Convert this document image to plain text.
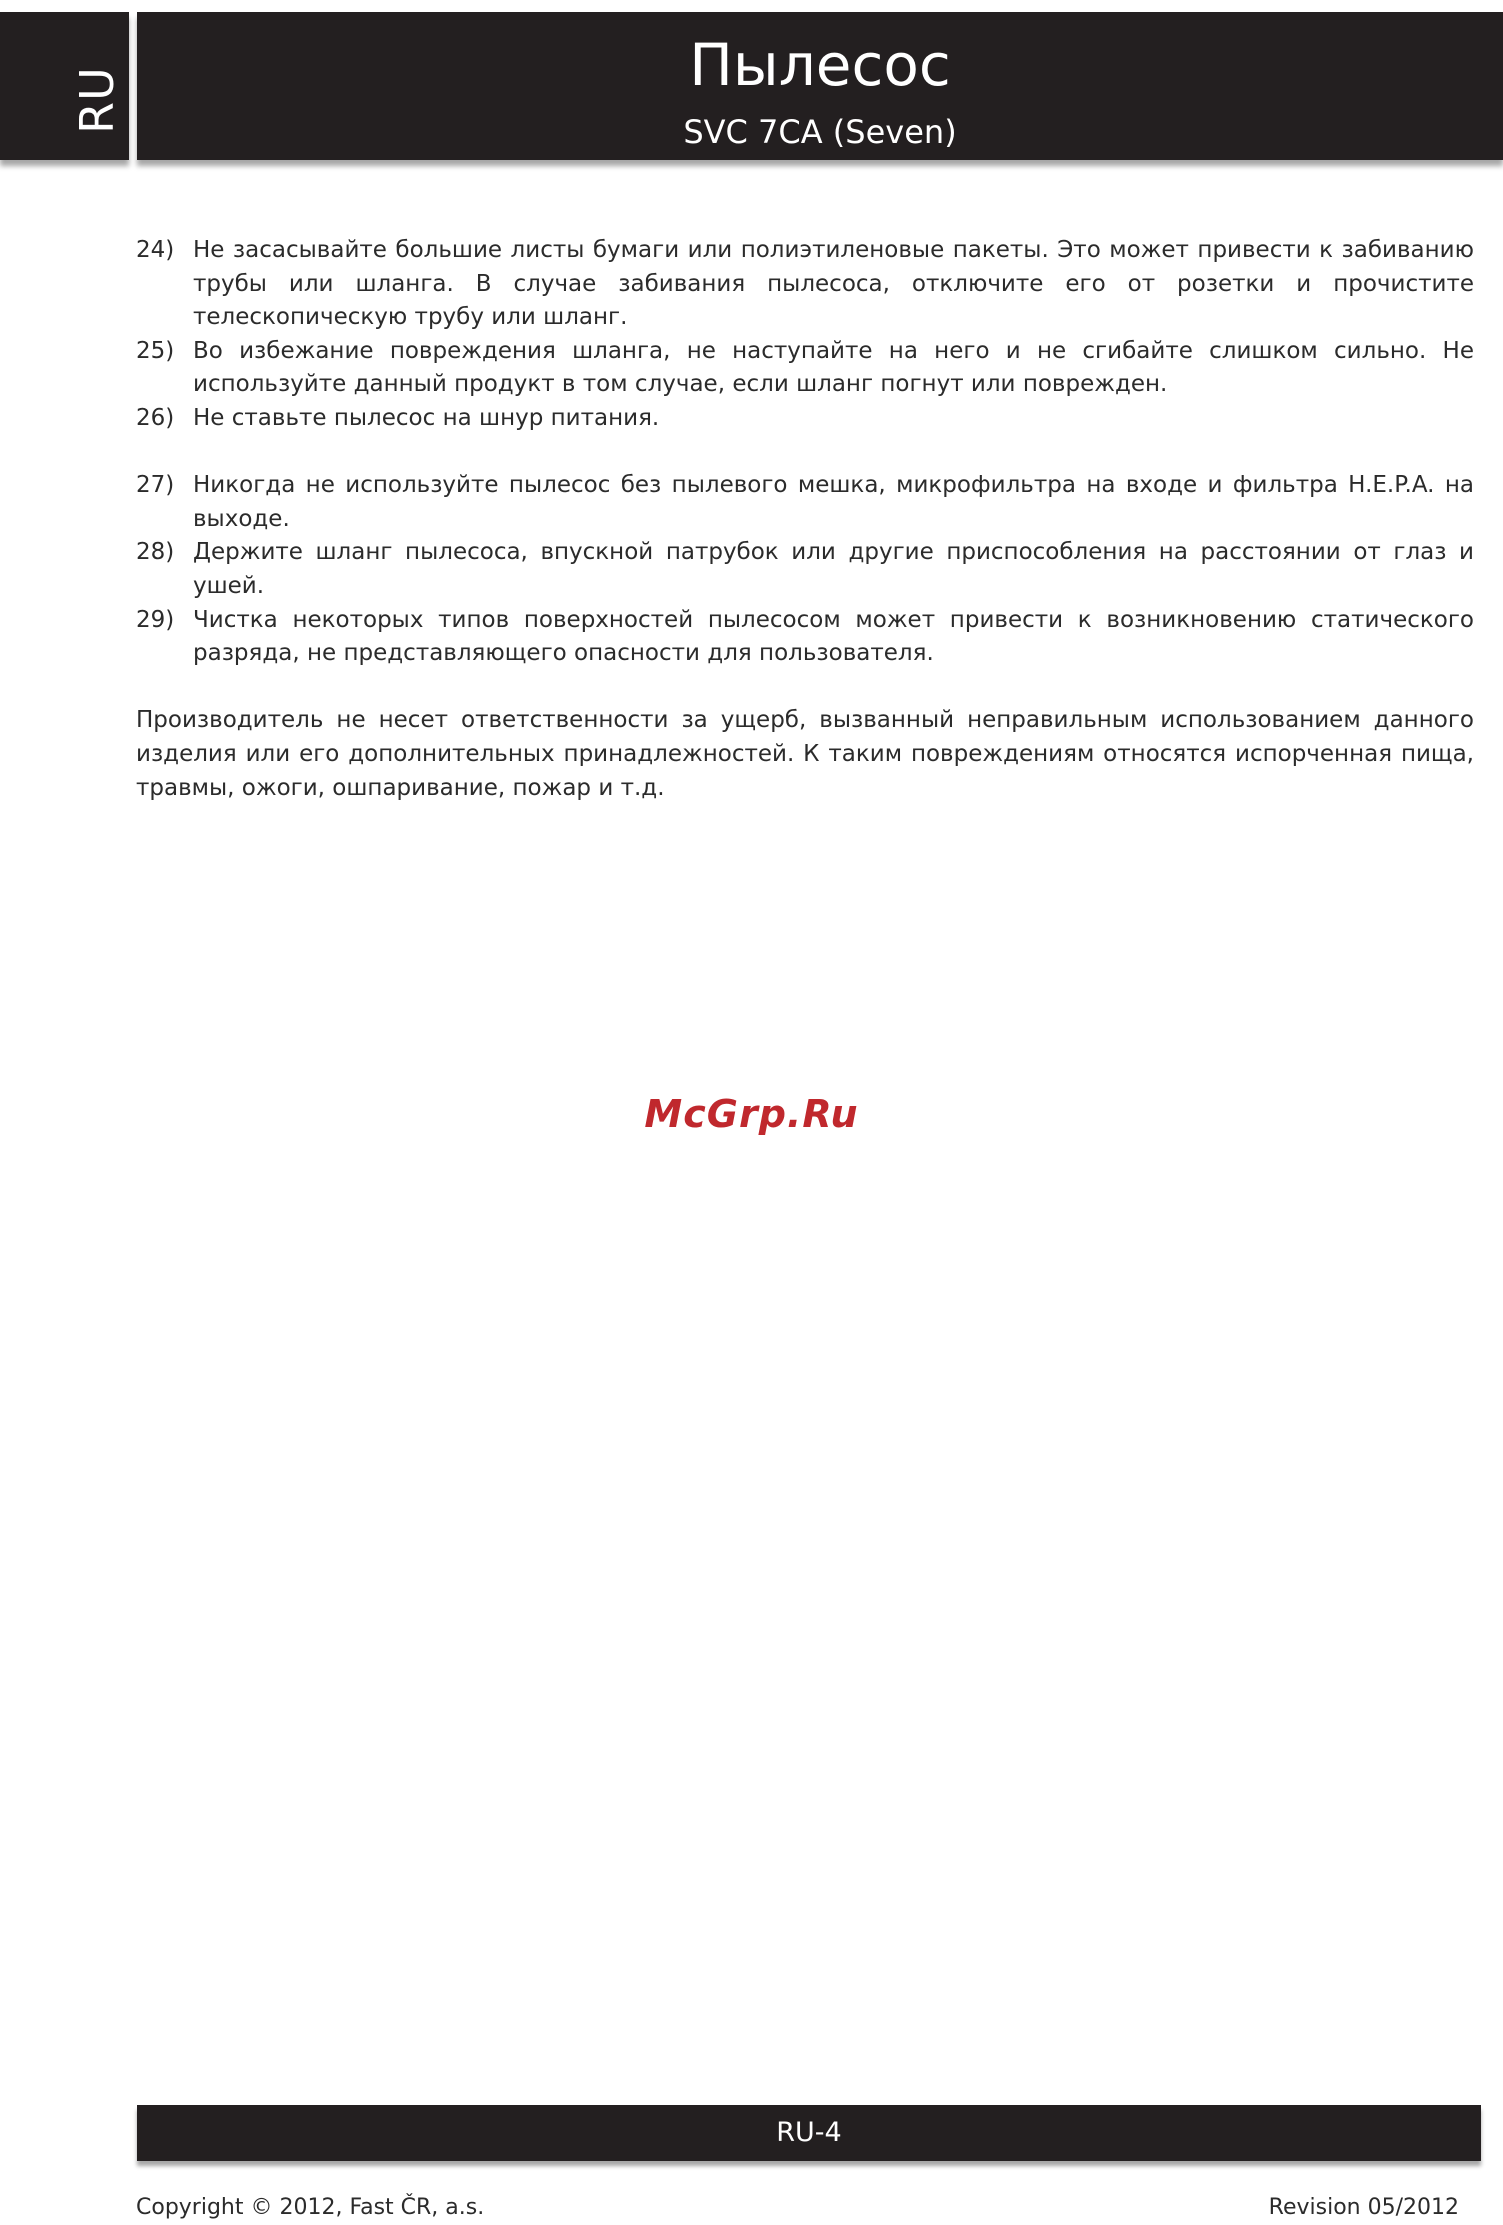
RU
Пылесос
SVC 7CA (Seven)
24) Не засасывайте большие листы бумаги или полиэтиленовые пакеты. Это может привести к забиванию трубы или шланга. В случае забивания пылесоса, отключите его от розетки и прочистите телескопическую трубу или шланг.
25) Во избежание повреждения шланга, не наступайте на него и не сгибайте слишком сильно. Не используйте данный продукт в том случае, если шланг погнут или поврежден.
26) Не ставьте пылесос на шнур питания.
27) Никогда не используйте пылесос без пылевого мешка, микрофильтра на входе и фильтра H.E.P.A. на выходе.
28) Держите шланг пылесоса, впускной патрубок или другие приспособления на расстоянии от глаз и ушей.
29) Чистка некоторых типов поверхностей пылесосом может привести к возникновению статического разряда, не представляющего опасности для пользователя.
Производитель не несет ответственности за ущерб, вызванный неправильным использованием данного изделия или его дополнительных принадлежностей. К таким повреждениям относятся испорченная пища, травмы, ожоги, ошпаривание, пожар и т.д.
McGrp.Ru
RU-4
Copyright © 2012, Fast ČR, a.s.	Revision 05/2012
